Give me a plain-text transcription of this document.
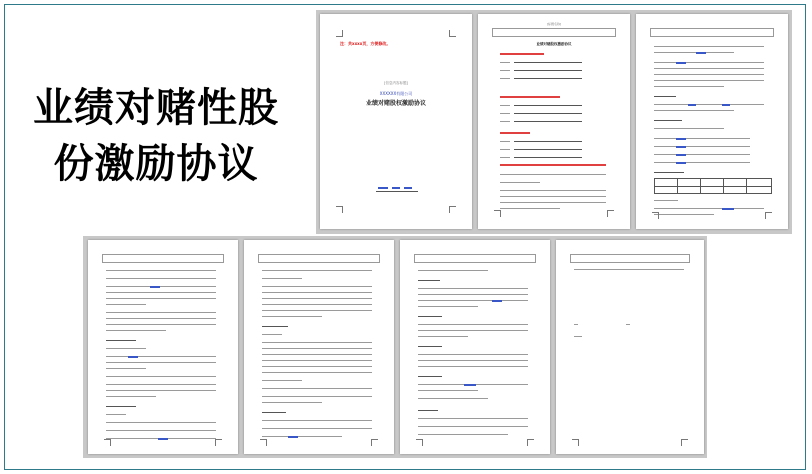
业绩对赌性股
份激励协议
注：共xxxx页，方便修改。
[信息内容标题]
XXXXXX有限公司
业绩对赌股权激励协议
[标题名称]
业绩对赌股权激励协议
